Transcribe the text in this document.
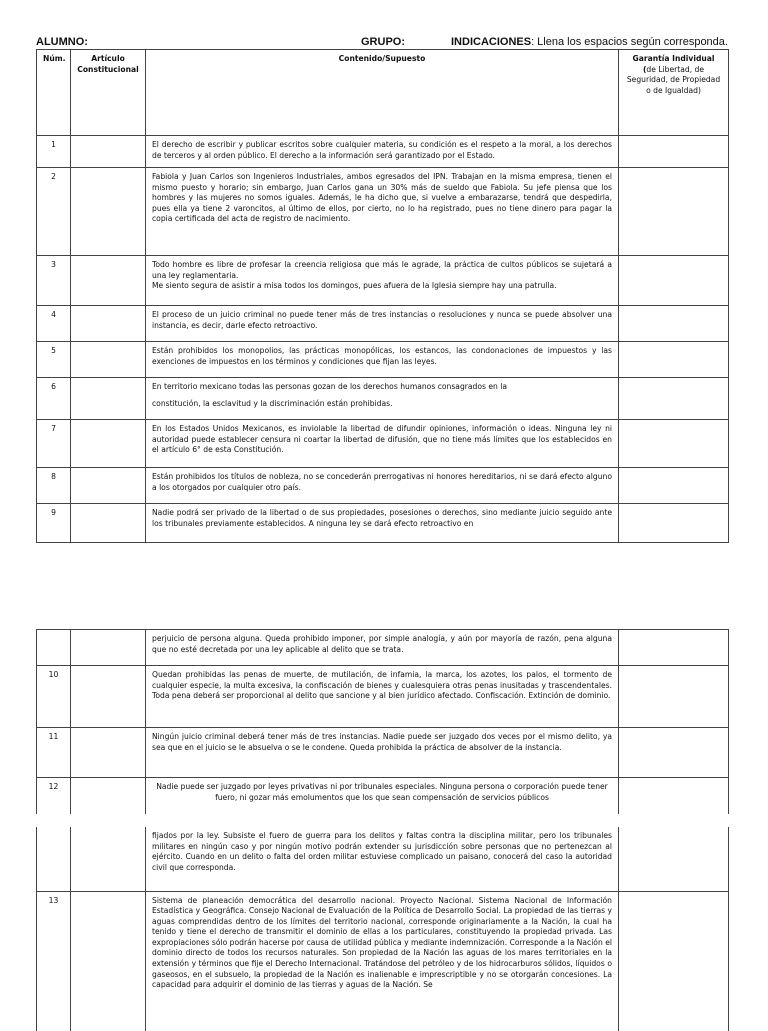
ALUMNO:	GRUPO:	INDICACIONES: Llena los espacios según corresponda.
Núm.	Artículo Constitucional	Contenido/Supuesto	Garantía Individual (de Libertad, de Seguridad, de Propiedad o de Igualdad)
1		El derecho de escribir y publicar escritos sobre cualquier materia, su condición es el respeto a la moral, a los derechos de terceros y al orden público. El derecho a la información será garantizado por el Estado.	
2		Fabiola y Juan Carlos son Ingenieros Industriales, ambos egresados del IPN. Trabajan en la misma empresa, tienen el mismo puesto y horario; sin embargo, Juan Carlos gana un 30% más de sueldo que Fabiola. Su jefe piensa que los hombres y las mujeres no somos iguales. Además, le ha dicho que, si vuelve a embarazarse, tendrá que despedirla, pues ella ya tiene 2 varoncitos, al último de ellos, por cierto, no lo ha registrado, pues no tiene dinero para pagar la copia certificada del acta de registro de nacimiento.	
3		Todo hombre es libre de profesar la creencia religiosa que más le agrade, la práctica de cultos públicos se sujetará a una ley reglamentaria.
Me siento segura de asistir a misa todos los domingos, pues afuera de la Iglesia siempre hay una patrulla.	

4		El proceso de un juicio criminal no puede tener más de tres instancias o resoluciones y nunca se puede absolver una instancia, es decir, darle efecto retroactivo.	
5		Están prohibidos los monopolios, las prácticas monopólicas, los estancos, las condonaciones de impuestos y las exenciones de impuestos en los términos y condiciones que fijan las leyes.	
6		En territorio mexicano todas las personas gozan de los derechos humanos consagrados en la
constitución, la esclavitud y la discriminación están prohibidas.	

7		En los Estados Unidos Mexicanos, es inviolable la libertad de difundir opiniones, información o ideas. Ninguna ley ni autoridad puede establecer censura ni coartar la libertad de difusión, que no tiene más límites que los establecidos en el artículo 6° de esta Constitución.	
8		Están prohibidos los títulos de nobleza, no se concederán prerrogativas ni honores hereditarios, ni se dará efecto alguno a los otorgados por cualquier otro país.	
9		Nadie podrá ser privado de la libertad o de sus propiedades, posesiones o derechos, sino mediante juicio seguido ante los tribunales previamente establecidos. A ninguna ley se dará efecto retroactivo en	
		perjuicio de persona alguna. Queda prohibido imponer, por simple analogía, y aún por mayoría de razón, pena alguna que no esté decretada por una ley aplicable al delito que se trata.	
10		Quedan prohibidas las penas de muerte, de mutilación, de infamia, la marca, los azotes, los palos, el tormento de cualquier especie, la multa excesiva, la confiscación de bienes y cualesquiera otras penas inusitadas y trascendentales. Toda pena deberá ser proporcional al delito que sancione y al bien jurídico afectado. Confiscación. Extinción de dominio.	
11		Ningún juicio criminal deberá tener más de tres instancias. Nadie puede ser juzgado dos veces por el mismo delito, ya sea que en el juicio se le absuelva o se le condene. Queda prohibida la práctica de absolver de la instancia.	
12		Nadie puede ser juzgado por leyes privativas ni por tribunales especiales. Ninguna persona o corporación puede tener fuero, ni gozar más emolumentos que los que sean compensación de servicios públicos	
		fijados por la ley. Subsiste el fuero de guerra para los delitos y faltas contra la disciplina militar, pero los tribunales militares en ningún caso y por ningún motivo podrán extender su jurisdicción sobre personas que no pertenezcan al ejército. Cuando en un delito o falta del orden militar estuviese complicado un paisano, conocerá del caso la autoridad civil que corresponda.	
13		Sistema de planeación democrática del desarrollo nacional. Proyecto Nacional. Sistema Nacional de Información Estadística y Geográfica. Consejo Nacional de Evaluación de la Política de Desarrollo Social. La propiedad de las tierras y aguas comprendidas dentro de los límites del territorio nacional, corresponde originariamente a la Nación, la cual ha tenido y tiene el derecho de transmitir el dominio de ellas a los particulares, constituyendo la propiedad privada. Las expropiaciones sólo podrán hacerse por causa de utilidad pública y mediante indemnización. Corresponde a la Nación el dominio directo de todos los recursos naturales. Son propiedad de la Nación las aguas de los mares territoriales en la extensión y términos que fije el Derecho Internacional. Tratándose del petróleo y de los hidrocarburos sólidos, líquidos o gaseosos, en el subsuelo, la propiedad de la Nación es inalienable e imprescriptible y no se otorgarán concesiones. La capacidad para adquirir el dominio de las tierras y aguas de la Nación. Se	
